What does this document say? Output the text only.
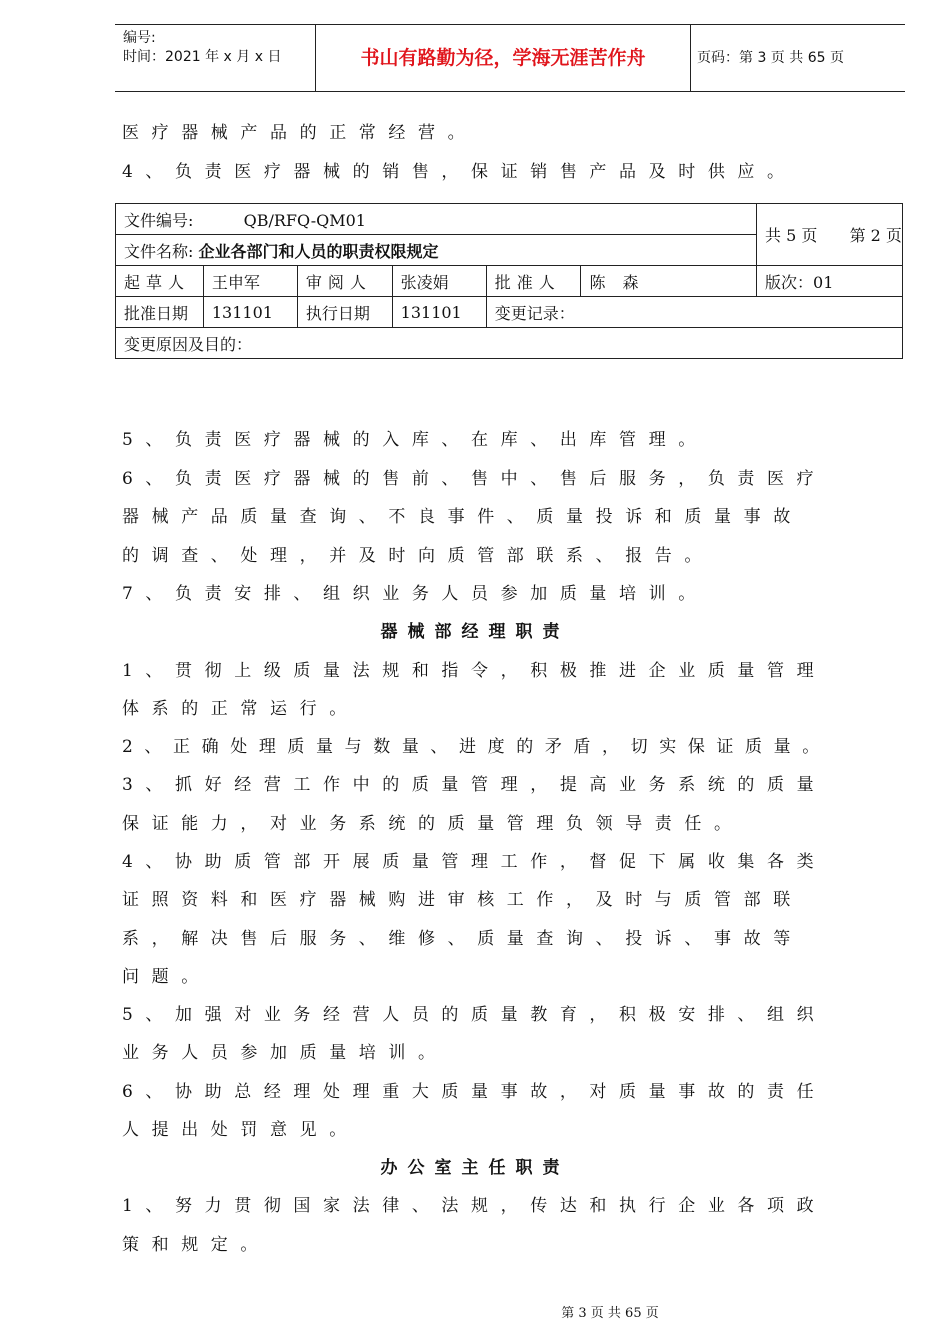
编号:
时间：2021 年 x 月 x 日	书山有路勤为径，学海无涯苦作舟	页码：第 3 页 共 65 页
医疗器械产品的正常经营。
4、负责医疗器械的销售，保证销售产品及时供应。
文件编号: QB/RFQ-QM01						共 5 页 第 2 页
文件名称: 企业各部门和人员的职责权限规定						
起草人	王申军	审阅人	张凌娟	批准人	陈 森	版次：01
批准日期	131101	执行日期	131101	变更记录：		
变更原因及目的：						
5、负责医疗器械的入库、在库、出库管理。
6、负责医疗器械的售前、售中、售后服务，负责医疗
器械产品质量查询、不良事件、质量投诉和质量事故
的调查、处理，并及时向质管部联系、报告。
7、负责安排、组织业务人员参加质量培训。
器械部经理职责
1、贯彻上级质量法规和指令，积极推进企业质量管理
体系的正常运行。
2、正确处理质量与数量、进度的矛盾，切实保证质量。
3、抓好经营工作中的质量管理，提高业务系统的质量
保证能力，对业务系统的质量管理负领导责任。
4、协助质管部开展质量管理工作，督促下属收集各类
证照资料和医疗器械购进审核工作，及时与质管部联
系，解决售后服务、维修、质量查询、投诉、事故等
问题。
5、加强对业务经营人员的质量教育，积极安排、组织
业务人员参加质量培训。
6、协助总经理处理重大质量事故，对质量事故的责任
人提出处罚意见。
办公室主任职责
1、努力贯彻国家法律、法规，传达和执行企业各项政
策和规定。
第 3 页 共 65 页
